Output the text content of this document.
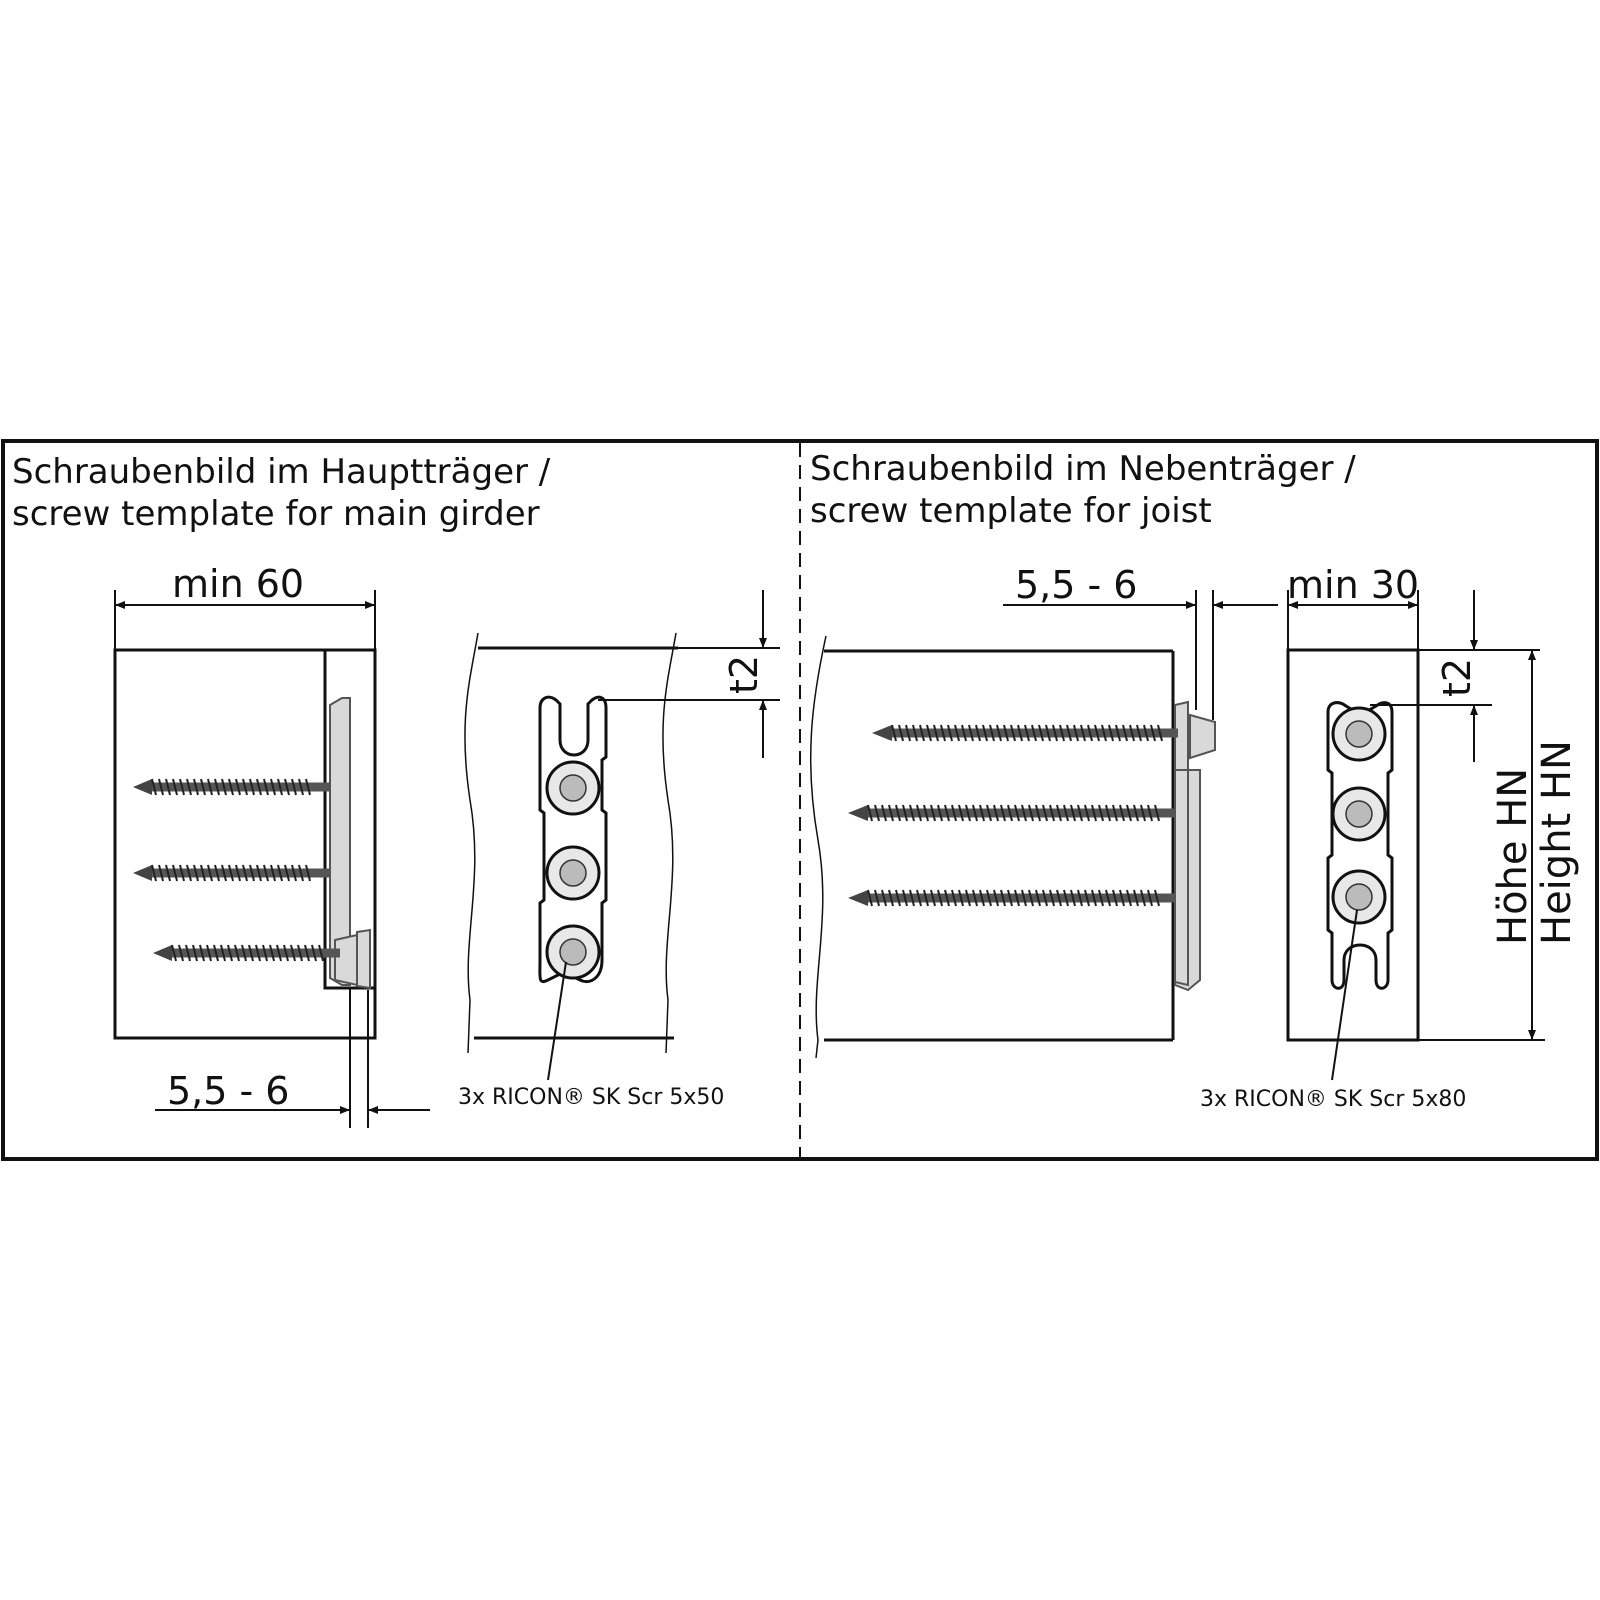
Schraubenbild im Hauptträger /
screw template for main girder
min 60
5,5 - 6
t2
3x RICON® SK Scr 5x50
Schraubenbild im Nebenträger /
screw template for joist
5,5 - 6	min 30
t2
Höhe HN
Height HN
3x RICON® SK Scr 5x80
